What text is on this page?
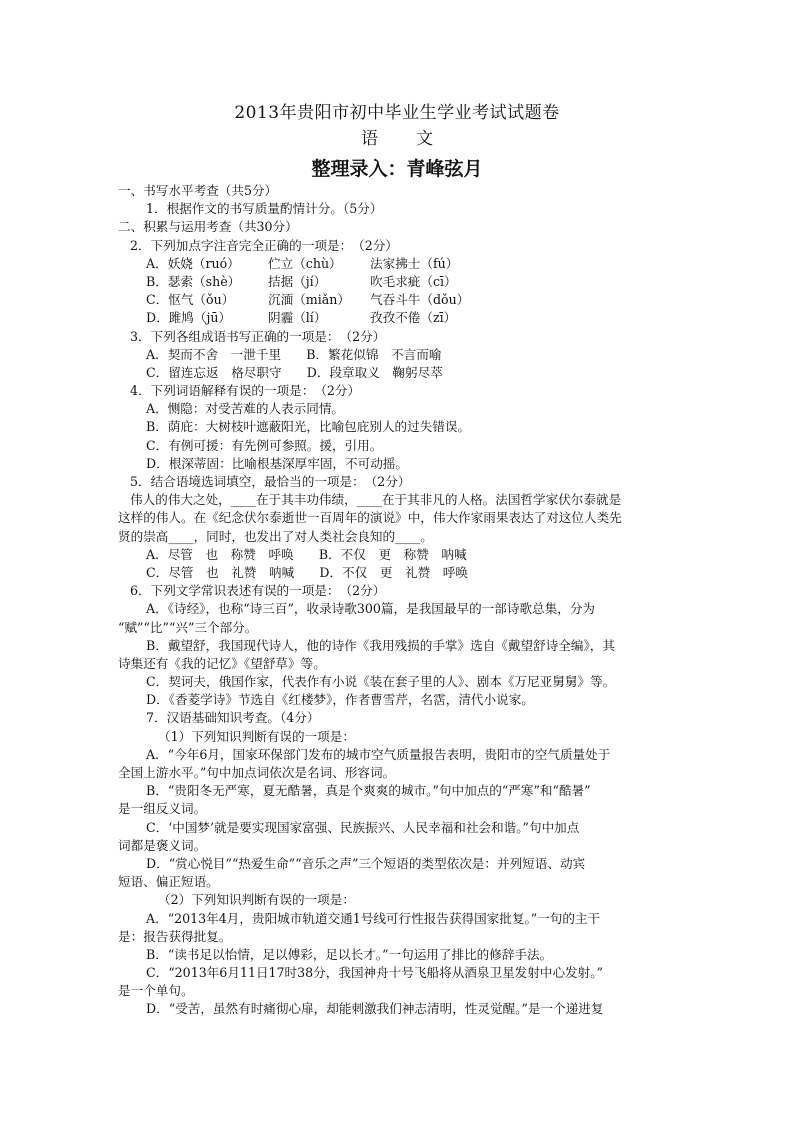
2013年贵阳市初中毕业生学业考试试题卷
语文
整理录入：青峰弦月
一、书写水平考查（共5分）
1．根据作文的书写质量酌情计分。（5分）
二、积累与运用考查（共30分）
2．下列加点字注音完全正确的一项是：　（2分）
A．妖娆（ruó）	伫立（chù）	法家拂士（fú）
B．瑟索（shè）	拮据（jí）	吹毛求疵（cī）
C．怄气（ǒu）	沉湎（miǎn）	气吞斗牛（dǒu）
D．雎鸠（jū）	阴霾（lí）	孜孜不倦（zī）
3．下列各组成语书写正确的一项是：　（2分）
A．契而不舍　一泄千里　　B．繁花似锦　不言而喻
C．留连忘返　格尽职守　　D．段章取义　鞠躬尽萃
4．下列词语解释有误的一项是：　（2分）
A．恻隐：对受苦难的人表示同情。
B．荫庇：大树枝叶遮蔽阳光，比喻包庇别人的过失错误。
C．有例可援：有先例可参照。援，引用。
D．根深蒂固：比喻根基深厚牢固，不可动摇。
5．结合语境选词填空，最恰当的一项是：　（2分）
伟人的伟大之处，____在于其丰功伟绩，____在于其非凡的人格。法国哲学家伏尔泰就是
这样的伟人。在《纪念伏尔泰逝世一百周年的演说》中，伟大作家雨果表达了对这位人类先
贤的崇高____，同时，也发出了对人类社会良知的____。
A．尽管　也　称赞　呼唤　　B．不仅　更　称赞　呐喊
C．尽管　也　礼赞　呐喊　　D．不仅　更　礼赞　呼唤
6．下列文学常识表述有误的一项是：　（2分）
A．《诗经》，也称“诗三百”，收录诗歌300篇，是我国最早的一部诗歌总集，分为
“赋”“比”“兴”三个部分。
B．戴望舒，我国现代诗人，他的诗作《我用残损的手掌》选自《戴望舒诗全编》，其
诗集还有《我的记忆》《望舒草》等。
C．契诃夫，俄国作家，代表作有小说《装在套子里的人》、剧本《万尼亚舅舅》等。
D．《香菱学诗》节选自《红楼梦》，作者曹雪芹，名霑，清代小说家。
7．汉语基础知识考查。（4分）
（1）下列知识判断有误的一项是：
A．“今年6月，国家环保部门发布的城市空气质量报告表明，贵阳市的空气质量处于
全国上游水平。”句中加点词依次是名词、形容词。
B．“贵阳冬无严寒，夏无酷暑，真是个爽爽的城市。”句中加点的“严寒”和“酷暑”
是一组反义词。
C．‘中国梦’就是要实现国家富强、民族振兴、人民幸福和社会和谐。”句中加点
词都是褒义词。
D．“赏心悦目”“热爱生命”“音乐之声”三个短语的类型依次是：并列短语、动宾
短语、偏正短语。
（2）下列知识判断有误的一项是：
A．“2013年4月，贵阳城市轨道交通1号线可行性报告获得国家批复。”一句的主干
是：报告获得批复。
B．“读书足以怡情，足以傅彩，足以长才。”一句运用了排比的修辞手法。
C．“2013年6月11日17时38分，我国神舟十号飞船将从酒泉卫星发射中心发射。”
是一个单句。
D．“受苦，虽然有时痛彻心扉，却能刺激我们神志清明，性灵觉醒。”是一个递进复
